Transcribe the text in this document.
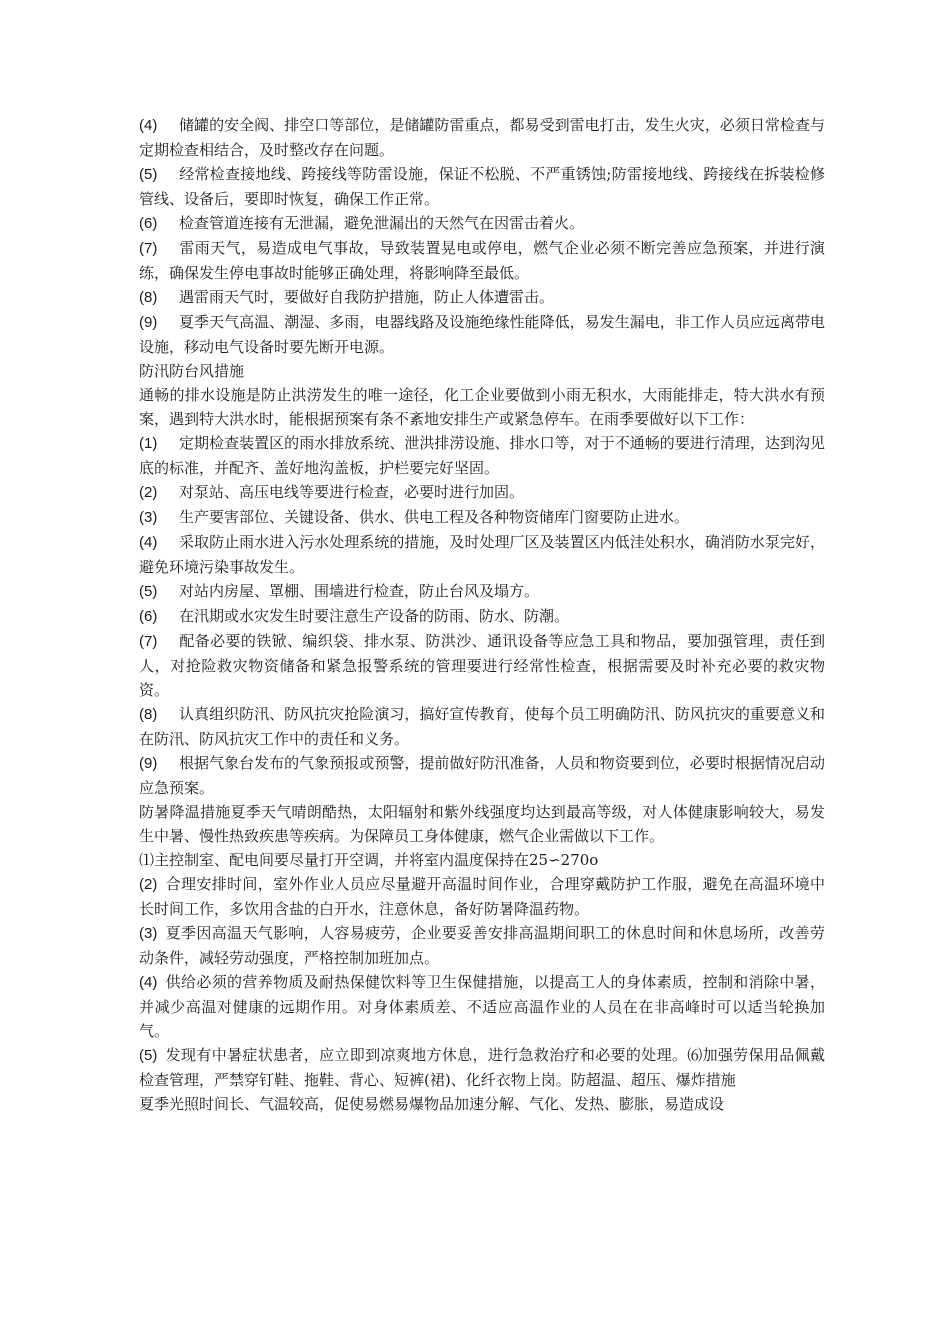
(4) 储罐的安全阀、排空口等部位，是储罐防雷重点，都易受到雷电打击，发生火灾，必须日常检查与定期检查相结合，及时整改存在问题。

(5) 经常检查接地线、跨接线等防雷设施，保证不松脱、不严重锈蚀;防雷接地线、跨接线在拆装检修管线、设备后，要即时恢复，确保工作正常。

(6) 检查管道连接有无泄漏，避免泄漏出的天然气在因雷击着火。

(7) 雷雨天气，易造成电气事故，导致装置晃电或停电，燃气企业必须不断完善应急预案，并进行演练，确保发生停电事故时能够正确处理，将影响降至最低。

(8) 遇雷雨天气时，要做好自我防护措施，防止人体遭雷击。

(9) 夏季天气高温、潮湿、多雨，电器线路及设施绝缘性能降低，易发生漏电，非工作人员应远离带电设施，移动电气设备时要先断开电源。

防汛防台风措施

通畅的排水设施是防止洪涝发生的唯一途径，化工企业要做到小雨无积水，大雨能排走，特大洪水有预案，遇到特大洪水时，能根据预案有条不紊地安排生产或紧急停车。在雨季要做好以下工作：

(1) 定期检查装置区的雨水排放系统、泄洪排涝设施、排水口等，对于不通畅的要进行清理，达到沟见底的标准，并配齐、盖好地沟盖板，护栏要完好坚固。

(2) 对泵站、高压电线等要进行检查，必要时进行加固。

(3) 生产要害部位、关键设备、供水、供电工程及各种物资储库门窗要防止进水。

(4) 采取防止雨水进入污水处理系统的措施，及时处理厂区及装置区内低洼处积水，确消防水泵完好，避免环境污染事故发生。

(5) 对站内房屋、罩棚、围墙进行检查，防止台风及塌方。

(6) 在汛期或水灾发生时要注意生产设备的防雨、防水、防潮。

(7) 配备必要的铁锨、编织袋、排水泵、防洪沙、通讯设备等应急工具和物品，要加强管理，责任到人，对抢险救灾物资储备和紧急报警系统的管理要进行经常性检查，根据需要及时补充必要的救灾物资。

(8) 认真组织防汛、防风抗灾抢险演习，搞好宣传教育，使每个员工明确防汛、防风抗灾的重要意义和在防汛、防风抗灾工作中的责任和义务。

(9) 根据气象台发布的气象预报或预警，提前做好防汛准备，人员和物资要到位，必要时根据情况启动应急预案。

防暑降温措施夏季天气晴朗酷热，太阳辐射和紫外线强度均达到最高等级，对人体健康影响较大，易发生中暑、慢性热致疾患等疾病。为保障员工身体健康，燃气企业需做以下工作。

⑴主控制室、配电间要尽量打开空调，并将室内温度保持在25∽270o

(2) 合理安排时间，室外作业人员应尽量避开高温时间作业，合理穿戴防护工作服，避免在高温环境中长时间工作，多饮用含盐的白开水，注意休息，备好防暑降温药物。

(3) 夏季因高温天气影响，人容易疲劳，企业要妥善安排高温期间职工的休息时间和休息场所，改善劳动条件，减轻劳动强度，严格控制加班加点。

(4) 供给必须的营养物质及耐热保健饮料等卫生保健措施，以提高工人的身体素质，控制和消除中暑，并减少高温对健康的远期作用。对身体素质差、不适应高温作业的人员在在非高峰时可以适当轮换加气。

(5) 发现有中暑症状患者，应立即到凉爽地方休息，进行急救治疗和必要的处理。⑹加强劳保用品佩戴检查管理，严禁穿钉鞋、拖鞋、背心、短裤(裙)、化纤衣物上岗。防超温、超压、爆炸措施

夏季光照时间长、气温较高，促使易燃易爆物品加速分解、气化、发热、膨胀，易造成设
